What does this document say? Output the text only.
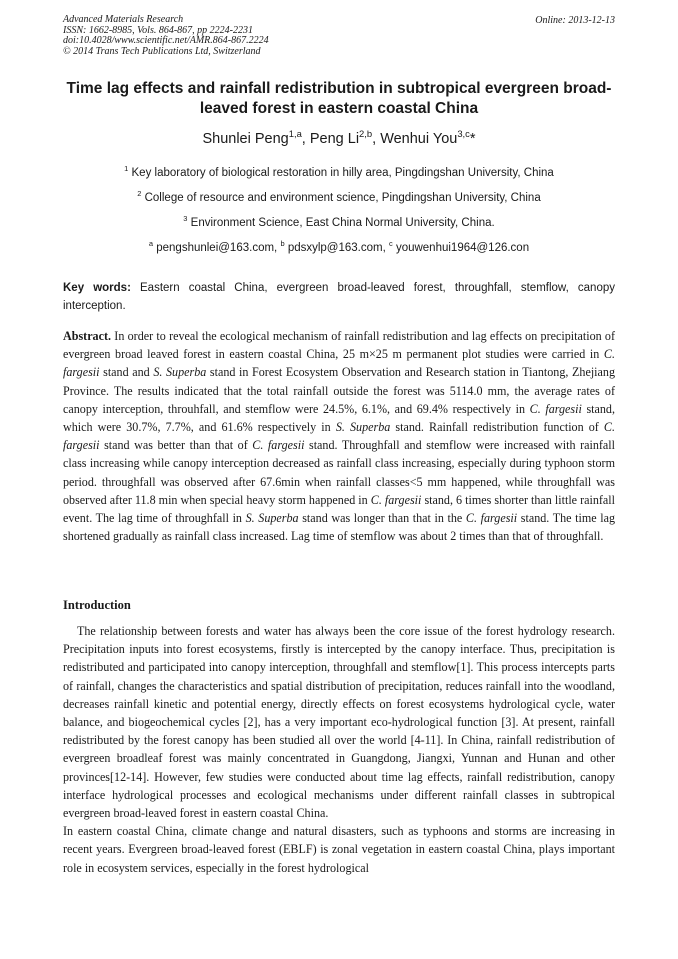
Advanced Materials Research
ISSN: 1662-8985, Vols. 864-867, pp 2224-2231
doi:10.4028/www.scientific.net/AMR.864-867.2224
© 2014 Trans Tech Publications Ltd, Switzerland
Online: 2013-12-13
Time lag effects and rainfall redistribution in subtropical evergreen broad-leaved forest in eastern coastal China
Shunlei Peng$^{1,a}$, Peng Li$^{2,b}$, Wenhui You$^{3,c}$*
$^1$ Key laboratory of biological restoration in hilly area, Pingdingshan University, China
$^2$ College of resource and environment science, Pingdingshan University, China
$^3$ Environment Science, East China Normal University, China.
$^a$ pengshunlei@163.com, $^b$ pdsxylp@163.com, $^c$ youwenhui1964@126.con

Key words: Eastern coastal China, evergreen broad-leaved forest, throughfall, stemflow, canopy interception.

Abstract. In order to reveal the ecological mechanism of rainfall redistribution and lag effects on precipitation of evergreen broad leaved forest in eastern coastal China, 25 m×25 m permanent plot studies were carried in C. fargesii stand and S. Superba stand in Forest Ecosystem Observation and Research station in Tiantong, Zhejiang Province. The results indicated that the total rainfall outside the forest was 5114.0 mm, the average rates of canopy interception, throuhfall, and stemflow were 24.5%, 6.1%, and 69.4% respectively in C. fargesii stand, which were 30.7%, 7.7%, and 61.6% respectively in S. Superba stand. Rainfall redistribution function of C. fargesii stand was better than that of C. fargesii stand. Throughfall and stemflow were increased with rainfall class increasing while canopy interception decreased as rainfall class increasing, especially during typhoon storm period. throughfall was observed after 67.6min when rainfall classes<5 mm happened, while throughfall was observed after 11.8 min when special heavy storm happened in C. fargesii stand, 6 times shorter than little rainfall event. The lag time of throughfall in S. Superba stand was longer than that in the C. fargesii stand. The time lag shortened gradually as rainfall class increased. Lag time of stemflow was about 2 times than that of throughfall.

Introduction

The relationship between forests and water has always been the core issue of the forest hydrology research. Precipitation inputs into forest ecosystems, firstly is intercepted by the canopy interface. Thus, precipitation is redistributed and participated into canopy interception, throughfall and stemflow[1]. This process intercepts parts of rainfall, changes the characteristics and spatial distribution of precipitation, reduces rainfall into the woodland, decreases rainfall kinetic and potential energy, directly effects on forest ecosystems hydrological cycle, water balance, and biogeochemical cycles [2], has a very important eco-hydrological function [3]. At present, rainfall redistributed by the forest canopy has been studied all over the world [4-11]. In China, rainfall redistribution of evergreen broadleaf forest was mainly concentrated in Guangdong, Jiangxi, Yunnan and Hunan and other provinces[12-14]. However, few studies were conducted about time lag effects, rainfall redistribution, canopy interface hydrological processes and ecological mechanisms under different rainfall classes in subtropical evergreen broad-leaved forest in eastern coastal China.

In eastern coastal China, climate change and natural disasters, such as typhoons and storms are increasing in recent years. Evergreen broad-leaved forest (EBLF) is zonal vegetation in eastern coastal China, plays important role in ecosystem services, especially in the forest hydrological
